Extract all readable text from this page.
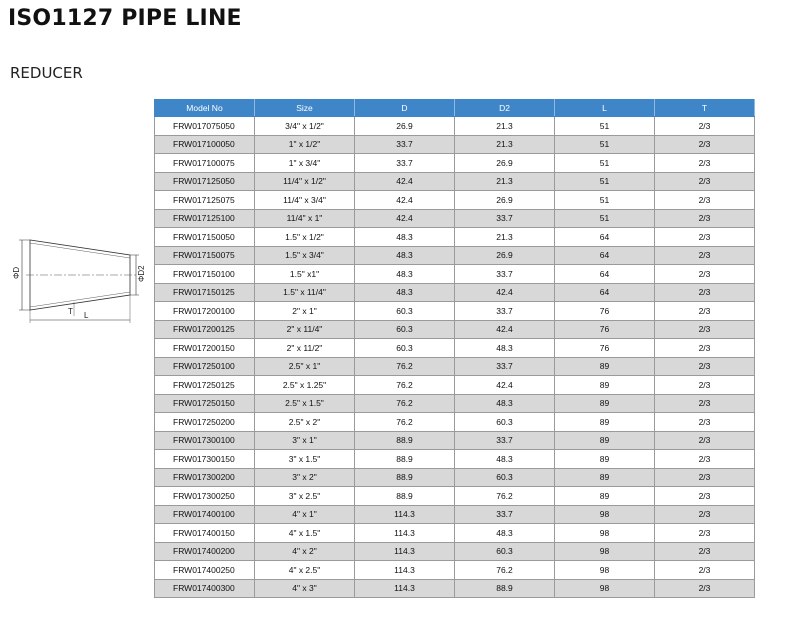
ISO1127 PIPE LINE
REDUCER
ΦD	ΦD2
T L
Model No	Size	D	D2	L	T
FRW017075050	3/4" x 1/2"	26.9	21.3	51	2/3
FRW017100050	1" x 1/2"	33.7	21.3	51	2/3
FRW017100075	1" x 3/4"	33.7	26.9	51	2/3
FRW017125050	11/4" x 1/2"	42.4	21.3	51	2/3
FRW017125075	11/4" x 3/4"	42.4	26.9	51	2/3
FRW017125100	11/4" x 1"	42.4	33.7	51	2/3
FRW017150050	1.5" x 1/2"	48.3	21.3	64	2/3
FRW017150075	1.5" x 3/4"	48.3	26.9	64	2/3
FRW017150100	1.5" x1"	48.3	33.7	64	2/3
FRW017150125	1.5" x 11/4"	48.3	42.4	64	2/3
FRW017200100	2" x 1"	60.3	33.7	76	2/3
FRW017200125	2" x 11/4"	60.3	42.4	76	2/3
FRW017200150	2" x 11/2"	60.3	48.3	76	2/3
FRW017250100	2.5" x 1"	76.2	33.7	89	2/3
FRW017250125	2.5" x 1.25"	76.2	42.4	89	2/3
FRW017250150	2.5" x 1.5"	76.2	48.3	89	2/3
FRW017250200	2.5" x 2"	76.2	60.3	89	2/3
FRW017300100	3" x 1"	88.9	33.7	89	2/3
FRW017300150	3" x 1.5"	88.9	48.3	89	2/3
FRW017300200	3" x 2"	88.9	60.3	89	2/3
FRW017300250	3" x 2.5"	88.9	76.2	89	2/3
FRW017400100	4" x 1"	114.3	33.7	98	2/3
FRW017400150	4" x 1.5"	114.3	48.3	98	2/3
FRW017400200	4" x 2"	114.3	60.3	98	2/3
FRW017400250	4" x 2.5"	114.3	76.2	98	2/3
FRW017400300	4" x 3"	114.3	88.9	98	2/3
